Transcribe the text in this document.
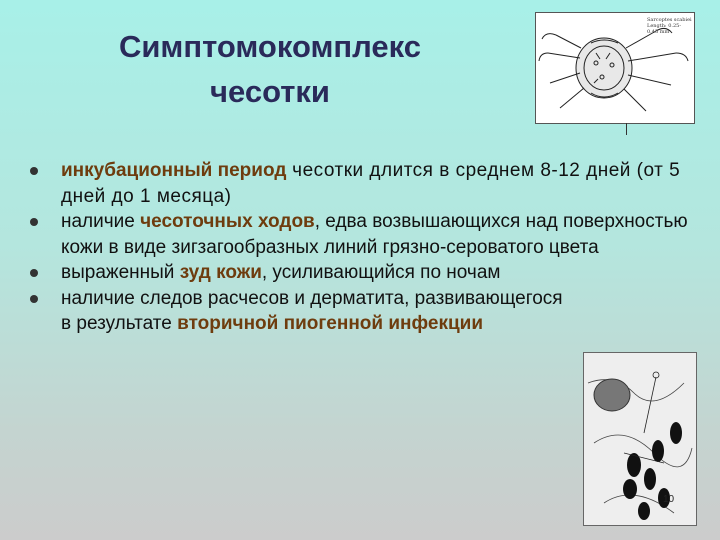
Симптомокомплекс
чесотки
Sarcoptes scabiei
Length: 0.25-
0.45 mm
инкубационный период чесотки длится в среднем 8-12 дней (от 5 дней до 1 месяца)
наличие чесоточных ходов, едва возвышающихся над поверхностью кожи в виде зигзагообразных линий грязно-сероватого цвета
выраженный зуд кожи, усиливающийся по ночам
наличие следов расчесов и дерматита, развивающегося в результате вторичной пиогенной инфекции
10
